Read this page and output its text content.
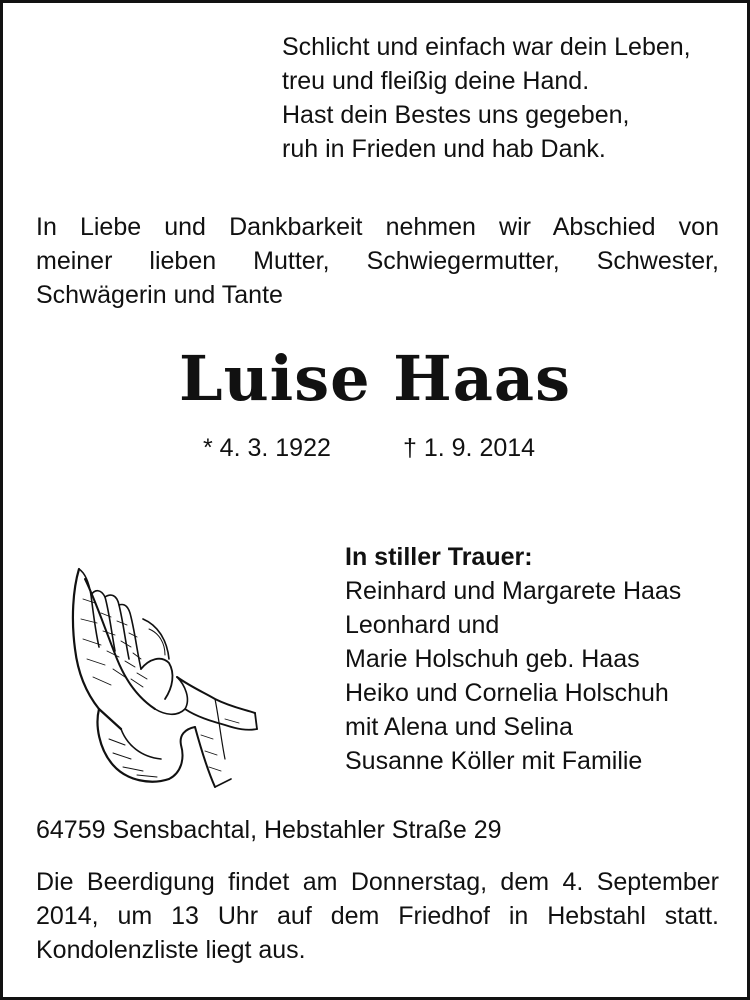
Schlicht und einfach war dein Leben,
treu und fleißig deine Hand.
Hast dein Bestes uns gegeben,
ruh in Frieden und hab Dank.
In Liebe und Dankbarkeit nehmen wir Abschied von
meiner lieben Mutter, Schwiegermutter, Schwester,
Schwägerin und Tante
Luise Haas
* 4. 3. 1922	† 1. 9. 2014
In stiller Trauer:
Reinhard und Margarete Haas
Leonhard und
Marie Holschuh geb. Haas
Heiko und Cornelia Holschuh
mit Alena und Selina
Susanne Köller mit Familie
64759 Sensbachtal, Hebstahler Straße 29
Die Beerdigung findet am Donnerstag, dem 4. September
2014, um 13 Uhr auf dem Friedhof in Hebstahl statt.
Kondolenzliste liegt aus.
